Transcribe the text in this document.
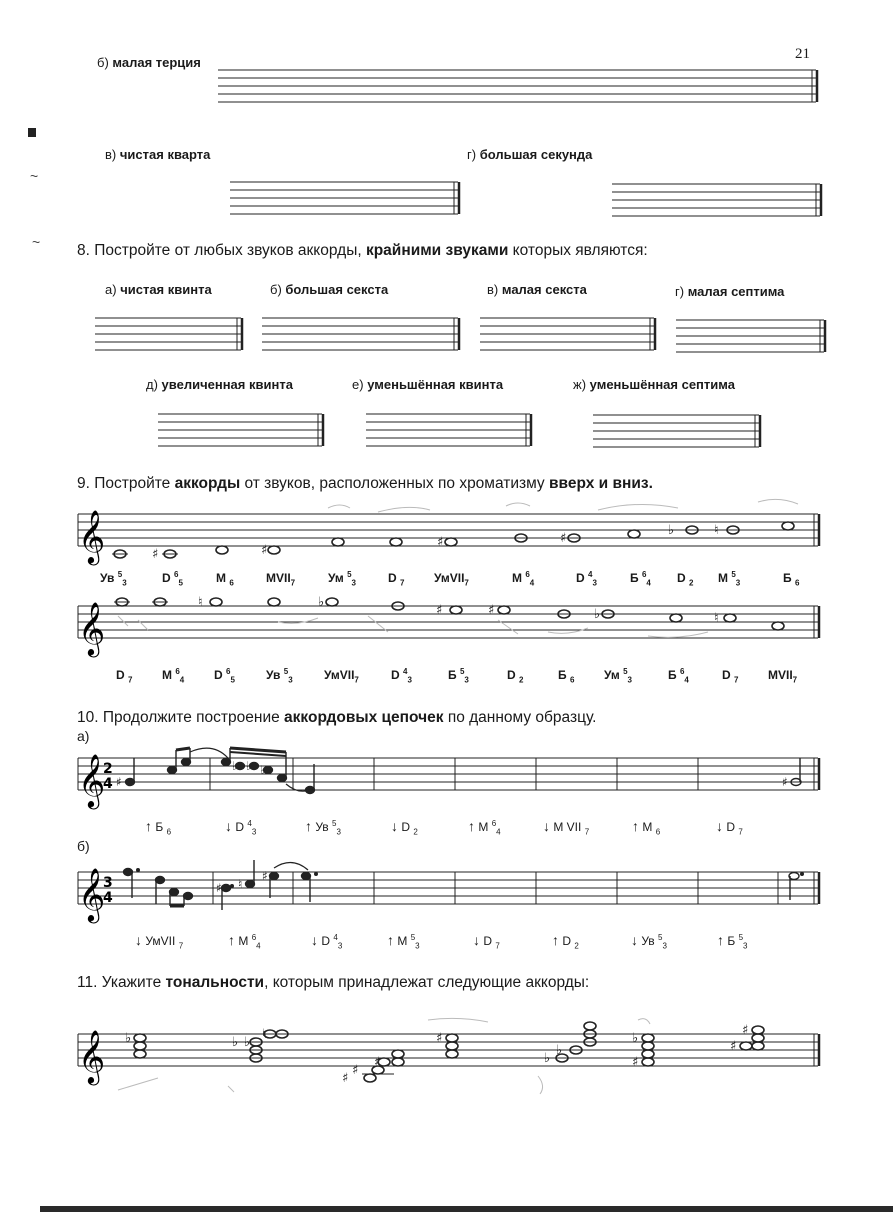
21
~
~
б) малая терция
в) чистая кварта	г) большая секунда
8. Постройте от любых звуков аккорды, крайними звуками которых являются:
а) чистая квинта	б) большая секста	в) малая секста	г) малая септима
д) увеличенная квинта	е) уменьшённая квинта	ж) уменьшённая септима
9. Постройте аккорды от звуков, расположенных по хроматизму вверх и вниз.
𝄞	♯	♯
♯	♯
♭	♮
Ув $^5_3$	D $^6_5$	М $_6$	$MVII_7$	Ум $^5_3$	D $_7$ УмVII$_7$	М $^6_4$	D $^4_3$	Б $^6_4$ D $_2$ М $^5_3$	Б $_6$
𝄞	♮	♭
♯	♯	♭	♮
D $_7$ М $^6_4$ D $^6_5$	Ув $^5_3$	УмVII$_7$	D $^4_3$	Б $^5_3$	D $_2$	Б $_6$ Ум $^5_3$	Б $^6_4$	D $_7$ $MVII_7$
10. Продолжите построение аккордовых цепочек по данному образцу.
а)
𝄞
2
4 ♯
♭ ♭ ♭
♯
↑ Б $_6$	↓ D $^4_3$	↑ Ув $^5_3$	↓ D $_2$	↑ М $^6_4$	↓ М VII $_7$	↑ М $_6$	↓ D $_7$
б)
𝄞
3
4
♯ ♮
♯
↓ УмVII $_7$	↑ М $^6_4$	↓ D $^4_3$	↑ М $^5_3$	↓ D $_7$	↑ D $_2$	↓ Ув $^5_3$	↑ Б $^5_3$
11. Укажите тональности, которым принадлежат следующие аккорды:
𝄞 ♭	♭ ♭
♮
♯
♯
♯
♯
♭
♭
♭
♯
♯
♯
